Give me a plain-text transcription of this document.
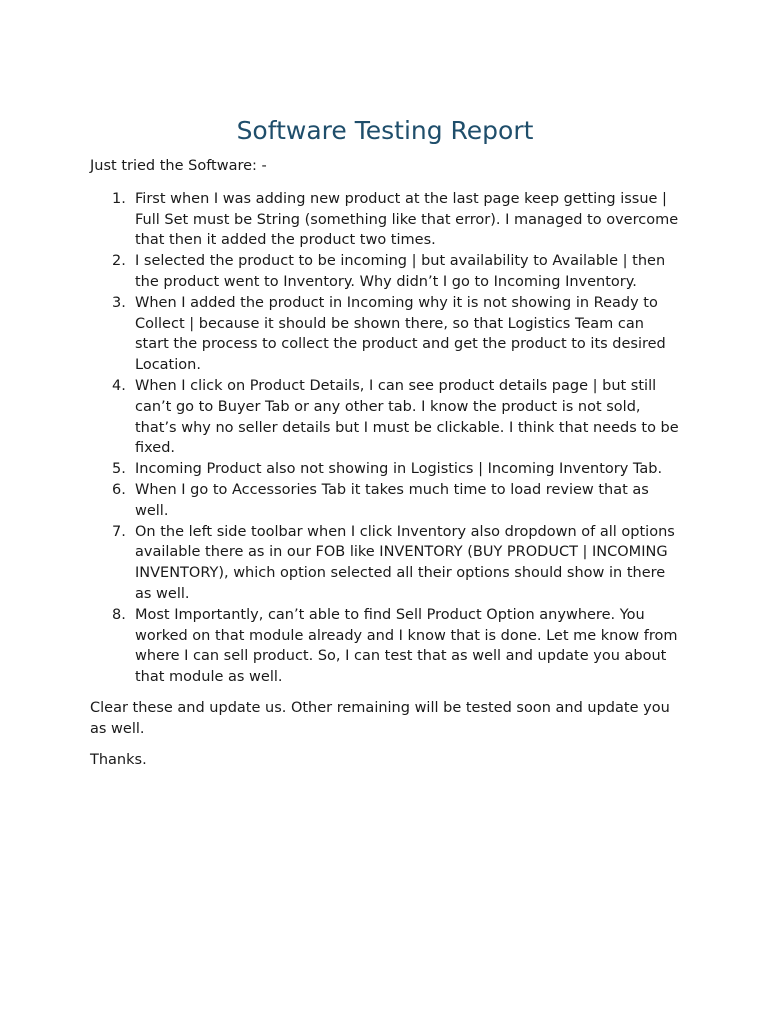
Software Testing Report

Just tried the Software: -

1. First when I was adding new product at the last page keep getting issue | Full Set must be String (something like that error). I managed to overcome that then it added the product two times.
2. I selected the product to be incoming | but availability to Available | then the product went to Inventory. Why didn’t I go to Incoming Inventory.
3. When I added the product in Incoming why it is not showing in Ready to Collect | because it should be shown there, so that Logistics Team can start the process to collect the product and get the product to its desired Location.
4. When I click on Product Details, I can see product details page | but still can’t go to Buyer Tab or any other tab. I know the product is not sold, that’s why no seller details but I must be clickable. I think that needs to be fixed.
5. Incoming Product also not showing in Logistics | Incoming Inventory Tab.
6. When I go to Accessories Tab it takes much time to load review that as well.
7. On the left side toolbar when I click Inventory also dropdown of all options available there as in our FOB like INVENTORY (BUY PRODUCT | INCOMING INVENTORY), which option selected all their options should show in there as well.
8. Most Importantly, can’t able to find Sell Product Option anywhere. You worked on that module already and I know that is done. Let me know from where I can sell product. So, I can test that as well and update you about that module as well.

Clear these and update us. Other remaining will be tested soon and update you as well.

Thanks.
